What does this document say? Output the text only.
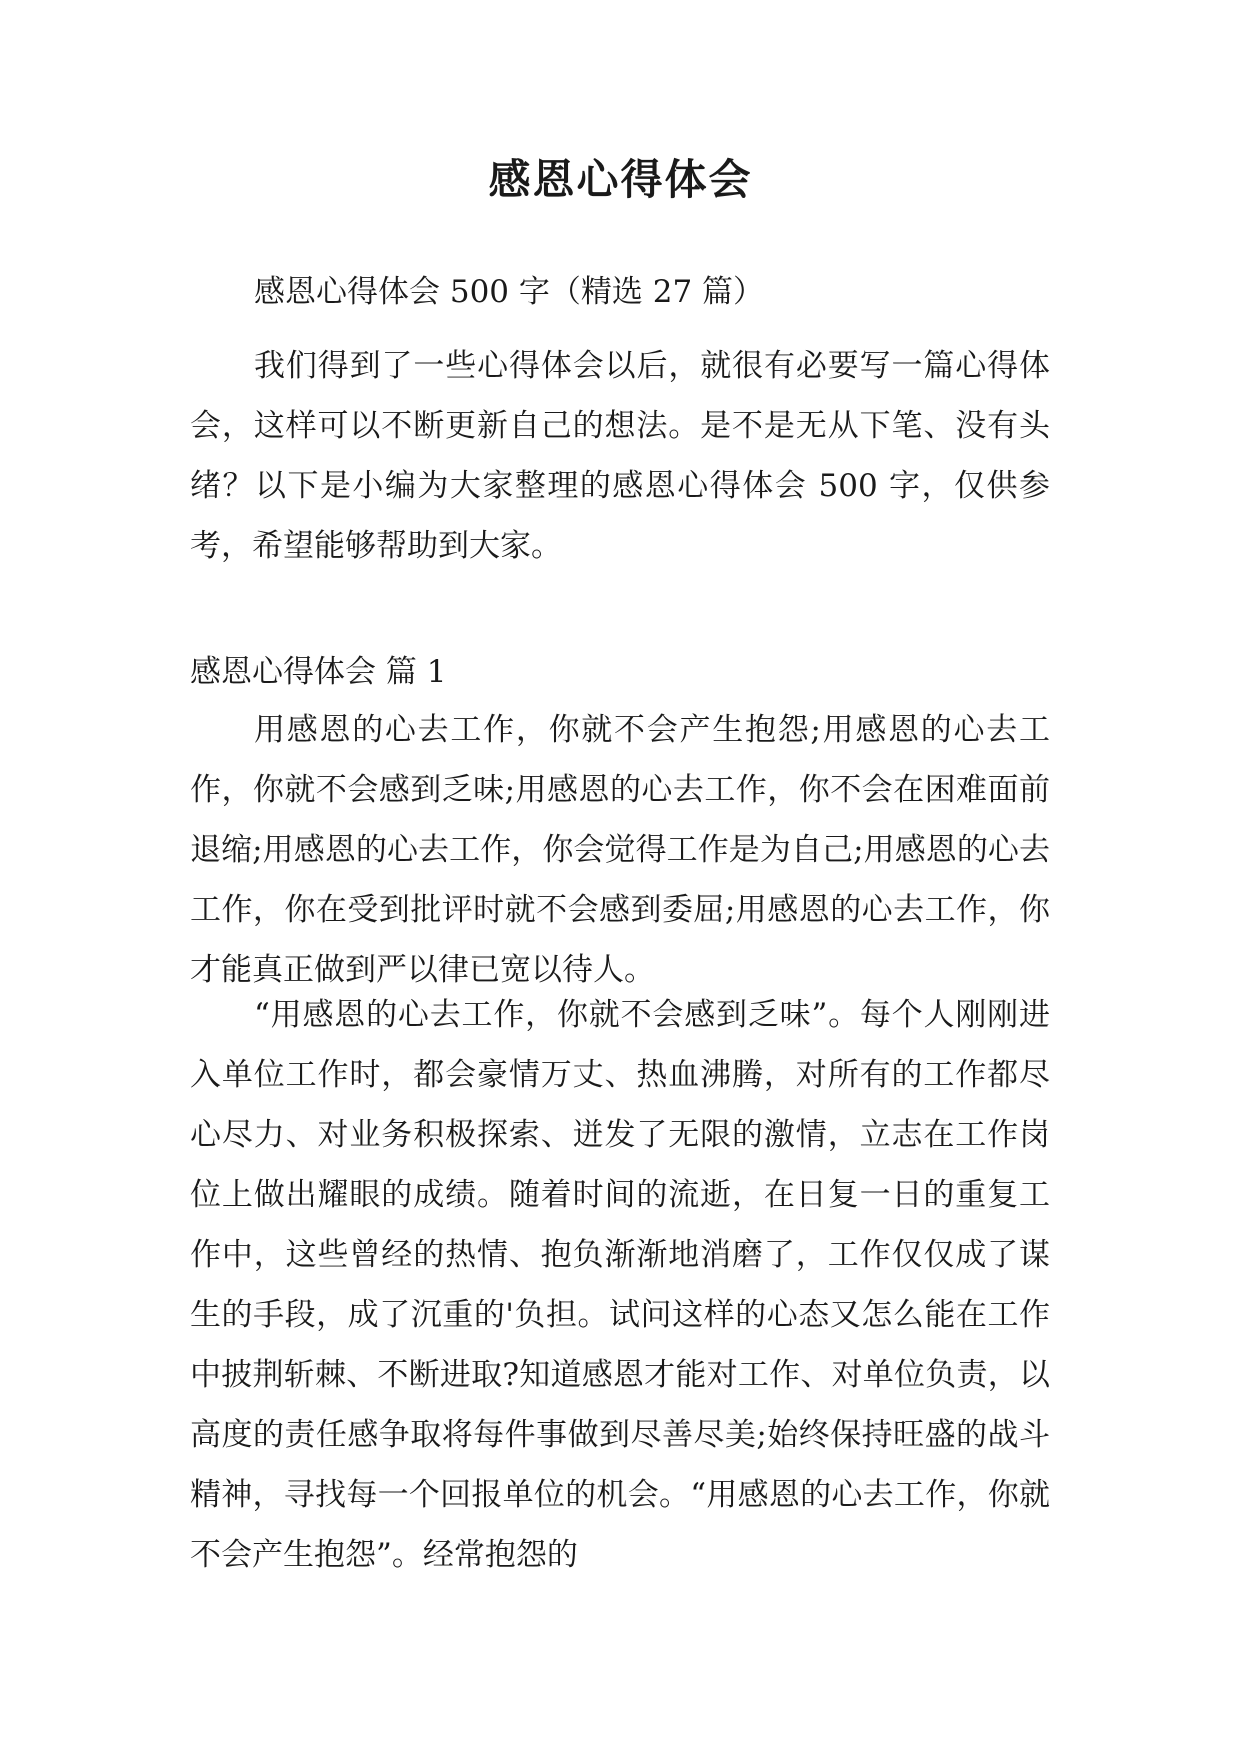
感恩心得体会

感恩心得体会 500 字（精选 27 篇）

我们得到了一些心得体会以后，就很有必要写一篇心得体会，这样可以不断更新自己的想法。是不是无从下笔、没有头绪？以下是小编为大家整理的感恩心得体会 500 字，仅供参考，希望能够帮助到大家。

感恩心得体会 篇 1

用感恩的心去工作，你就不会产生抱怨;用感恩的心去工作，你就不会感到乏味;用感恩的心去工作，你不会在困难面前退缩;用感恩的心去工作，你会觉得工作是为自己;用感恩的心去工作，你在受到批评时就不会感到委屈;用感恩的心去工作，你才能真正做到严以律已宽以待人。

“用感恩的心去工作，你就不会感到乏味”。每个人刚刚进入单位工作时，都会豪情万丈、热血沸腾，对所有的工作都尽心尽力、对业务积极探索、迸发了无限的激情，立志在工作岗位上做出耀眼的成绩。随着时间的流逝，在日复一日的重复工作中，这些曾经的热情、抱负渐渐地消磨了，工作仅仅成了谋生的手段，成了沉重的'负担。试问这样的心态又怎么能在工作中披荆斩棘、不断进取?知道感恩才能对工作、对单位负责，以高度的责任感争取将每件事做到尽善尽美;始终保持旺盛的战斗精神，寻找每一个回报单位的机会。“用感恩的心去工作，你就不会产生抱怨”。经常抱怨的
